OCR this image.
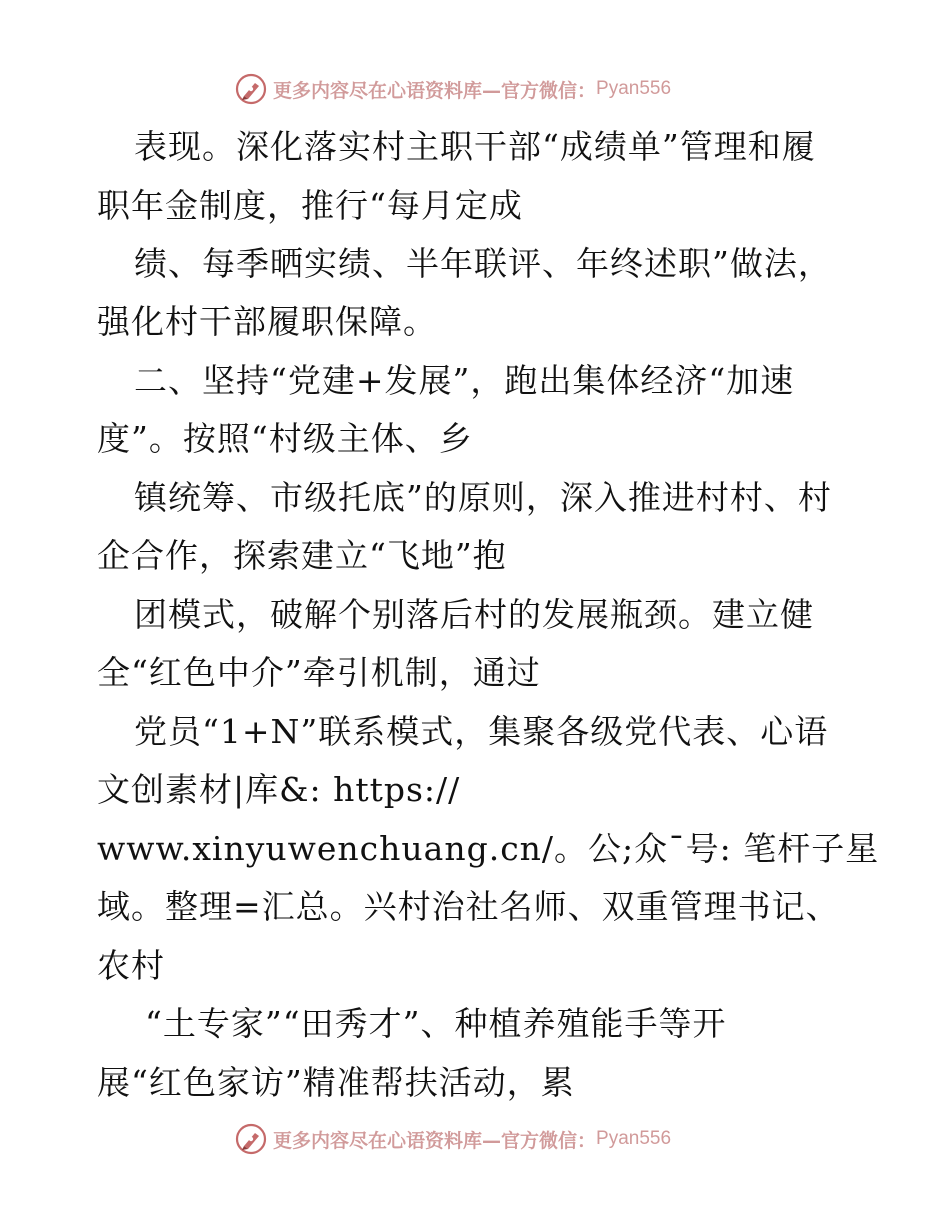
更多内容尽在心语资料库—官方微信： Pyan556

表现。深化落实村主职干部“成绩单”管理和履

职年金制度，推行“每月定成

绩、每季晒实绩、半年联评、年终述职”做法，

强化村干部履职保障。

二、坚持“党建+发展”，跑出集体经济“加速

度”。按照“村级主体、乡

镇统筹、市级托底”的原则，深入推进村村、村

企合作，探索建立“飞地”抱

团模式，破解个别落后村的发展瓶颈。建立健

全“红色中介”牵引机制，通过

党员“1+N”联系模式，集聚各级党代表、心语

文创素材|库&: https://

www.xinyuwenchuang.cn/。公;众¯号: 笔杆子星

域。整理=汇总。兴村治社名师、双重管理书记、

农村

“土专家”“田秀才”、种植养殖能手等开

展“红色家访”精准帮扶活动，累

更多内容尽在心语资料库—官方微信： Pyan556
